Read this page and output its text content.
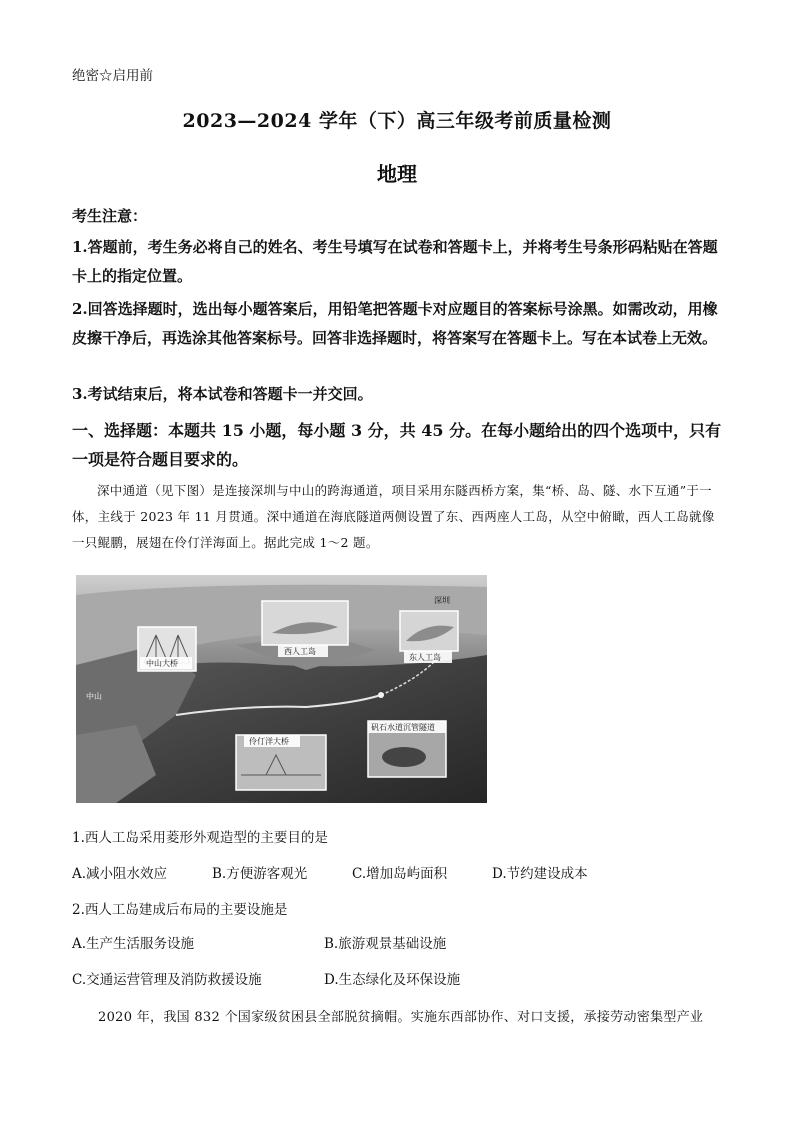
绝密☆启用前
2023—2024 学年（下）高三年级考前质量检测
地理
考生注意：
1.答题前，考生务必将自己的姓名、考生号填写在试卷和答题卡上，并将考生号条形码粘贴在答题卡上的指定位置。
2.回答选择题时，选出每小题答案后，用铅笔把答题卡对应题目的答案标号涂黑。如需改动，用橡皮擦干净后，再选涂其他答案标号。回答非选择题时，将答案写在答题卡上。写在本试卷上无效。
3.考试结束后，将本试卷和答题卡一并交回。
一、选择题：本题共 15 小题，每小题 3 分，共 45 分。在每小题给出的四个选项中，只有一项是符合题目要求的。
深中通道（见下图）是连接深圳与中山的跨海通道，项目采用东隧西桥方案，集“桥、岛、隧、水下互通”于一体，主线于 2023 年 11 月贯通。深中通道在海底隧道两侧设置了东、西两座人工岛，从空中俯瞰，西人工岛就像一只鲲鹏，展翅在伶仃洋海面上。据此完成 1～2 题。
深圳
中山
中山大桥
西人工岛
东人工岛
伶仃洋大桥
矾石水道沉管隧道
1.西人工岛采用菱形外观造型的主要目的是
A.减小阻水效应	B.方便游客观光	C.增加岛屿面积	D.节约建设成本
2.西人工岛建成后布局的主要设施是
A.生产生活服务设施	B.旅游观景基础设施
C.交通运营管理及消防救援设施	D.生态绿化及环保设施
2020 年，我国 832 个国家级贫困县全部脱贫摘帽。实施东西部协作、对口支援，承接劳动密集型产业
